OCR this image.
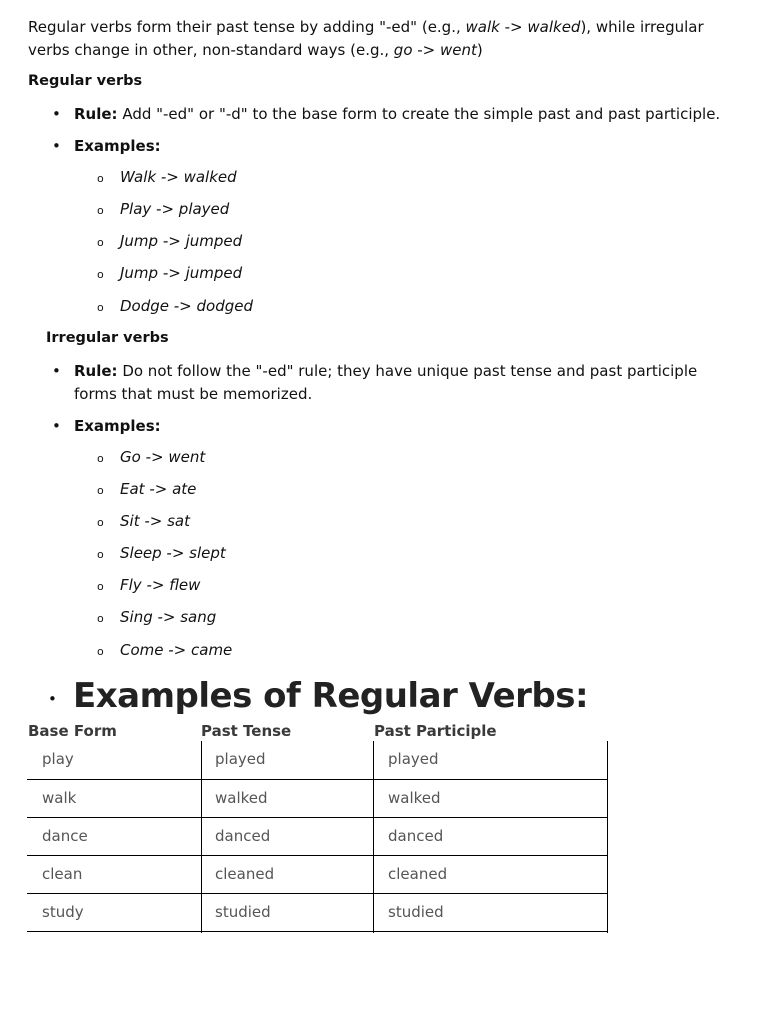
Regular verbs form their past tense by adding "-ed" (e.g., walk -> walked), while irregular verbs change in other, non-standard ways (e.g., go -> went)
Regular verbs
• Rule: Add "-ed" or "-d" to the base form to create the simple past and past participle.
• Examples:
o Walk -> walked
o Play -> played
o Jump -> jumped
o Jump -> jumped
o Dodge -> dodged
Irregular verbs
• Rule: Do not follow the "-ed" rule; they have unique past tense and past participle forms that must be memorized.
• Examples:
o Go -> went
o Eat -> ate
o Sit -> sat
o Sleep -> slept
o Fly -> flew
o Sing -> sang
o Come -> came
• Examples of Regular Verbs:
Base Form	Past Tense	Past Participle
play	played	played
walk	walked	walked
dance	danced	danced
clean	cleaned	cleaned
study	studied	studied
